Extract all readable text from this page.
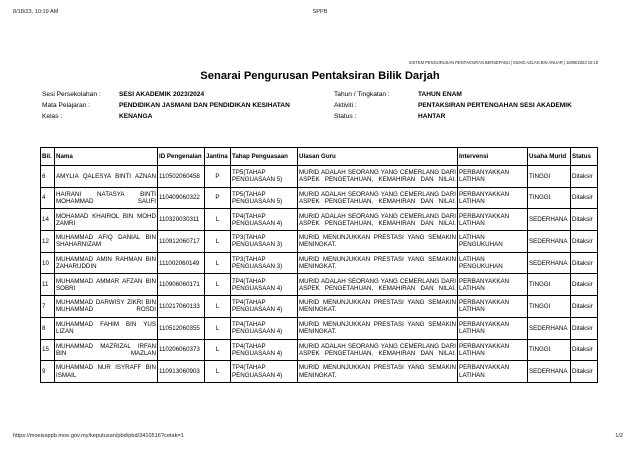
8/18/23, 10:19 AM	SPPB
SISTEM PENGURUSAN PENTAKSIRAN BERSEPADU | MUHD AZLAN BIN ANUAR | 18/08/2023 10:18
Senarai Pengurusan Pentaksiran Bilik Darjah
Sesi Persekolahan :	SESI AKADEMIK 2023/2024	Tahun / Tingkatan :	TAHUN ENAM
Mata Pelajaran :	PENDIDIKAN JASMANI DAN PENDIDIKAN KESIHATAN	Aktiviti :	PENTAKSIRAN PERTENGAHAN SESI AKADEMIK
Kelas :	KENANGA	Status :	HANTAR
Bil.	Nama	ID Pengenalan	Jantina	Tahap Penguasaan	Ulasan Guru	Intervensi	Usaha Murid	Status
6	AMYLIA QALESYA BINTI AZNAN	110502060458	P	TP5(TAHAP PENGUASAAN 5)	MURID ADALAH SEORANG YANG CEMERLANG DARI ASPEK PENGETAHUAN, KEMAHIRAN DAN NILAI.	PERBANYAKKAN LATIHAN	TINGGI	Ditaksir
4	HAIRANI NATASYA BINTI MOHAMMAD SAUFI	110409060322	P	TP5(TAHAP PENGUASAAN 5)	MURID ADALAH SEORANG YANG CEMERLANG DARI ASPEK PENGETAHUAN, KEMAHIRAN DAN NILAI.	PERBANYAKKAN LATIHAN	TINGGI	Ditaksir
14	MOHAMAD KHAIROL BIN MOHD ZAMRI	110320030311	L	TP4(TAHAP PENGUASAAN 4)	MURID ADALAH SEORANG YANG CEMERLANG DARI ASPEK PENGETAHUAN, KEMAHIRAN DAN NILAI.	PERBANYAKKAN LATIHAN	SEDERHANA	Ditaksir
12	MUHAMMAD AFIQ DANIAL BIN SHAHARNIZAM	110912060717	L	TP3(TAHAP PENGUASAAN 3)	MURID MENUNJUKKAN PRESTASI YANG SEMAKIN MENINGKAT.	LATIHAN PENGUKUHAN	SEDERHANA	Ditaksir
10	MUHAMMAD AMIN RAHMAN BIN ZAHARUDDIN	111002060149	L	TP3(TAHAP PENGUASAAN 3)	MURID MENUNJUKKAN PRESTASI YANG SEMAKIN MENINGKAT.	LATIHAN PENGUKUHAN	SEDERHANA	Ditaksir
11	MUHAMMAD AMMAR AFZAN BIN SOBRI	110906060171	L	TP4(TAHAP PENGUASAAN 4)	MURID ADALAH SEORANG YANG CEMERLANG DARI ASPEK PENGETAHUAN, KEMAHIRAN DAN NILAI.	PERBANYAKKAN LATIHAN	TINGGI	Ditaksir
7	MUHAMMAD DARWISY ZIKRI BIN MUHAMMAD ROSDI	110217060133	L	TP4(TAHAP PENGUASAAN 4)	MURID MENUNJUKKAN PRESTASI YANG SEMAKIN MENINGKAT.	PERBANYAKKAN LATIHAN	TINGGI	Ditaksir
8	MUHAMMAD FAHIM BIN YUS LIZAN	110512060355	L	TP4(TAHAP PENGUASAAN 4)	MURID MENUNJUKKAN PRESTASI YANG SEMAKIN MENINGKAT.	PERBANYAKKAN LATIHAN	SEDERHANA	Ditaksir
15	MUHAMMAD MAZRIZAL IRFAN BIN MAZLAN	110206060373	L	TP4(TAHAP PENGUASAAN 4)	MURID ADALAH SEORANG YANG CEMERLANG DARI ASPEK PENGETAHUAN, KEMAHIRAN DAN NILAI.	PERBANYAKKAN LATIHAN	TINGGI	Ditaksir
9	MUHAMMAD NUR ISYRAFF BIN ISMAIL	110913060903	L	TP4(TAHAP PENGUASAAN 4)	MURID MENUNJUKKAN PRESTASI YANG SEMAKIN MENINGKAT.	PERBANYAKKAN LATIHAN	SEDERHANA	Ditaksir
https://moeissppb.moe.gov.my/keputusan/pbd/pbd/3410516?cetak=1	1/2
